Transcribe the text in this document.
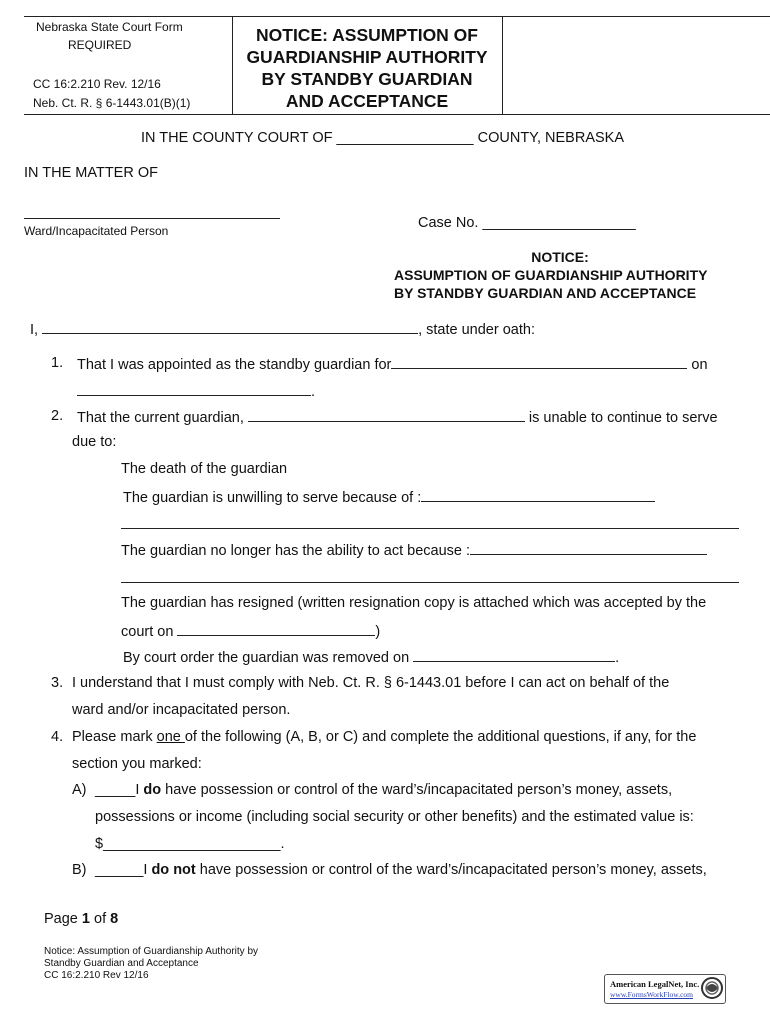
Nebraska State Court Form
REQUIRED
CC 16:2.210 Rev. 12/16
Neb. Ct. R. § 6-1443.01(B)(1)
NOTICE: ASSUMPTION OF
GUARDIANSHIP AUTHORITY
BY STANDBY GUARDIAN
AND ACCEPTANCE
IN THE COUNTY COURT OF _________________ COUNTY, NEBRASKA
IN THE MATTER OF
Ward/Incapacitated Person	Case No. ___________________
NOTICE:
ASSUMPTION OF GUARDIANSHIP AUTHORITY
BY STANDBY GUARDIAN AND ACCEPTANCE
I,	, state under oath:
1. That I was appointed as the standby guardian for	on
.
2. That the current guardian,	is unable to continue to serve
due to:
The death of the guardian
The guardian is unwilling to serve because of :
The guardian no longer has the ability to act because :
The guardian has resigned (written resignation copy is attached which was accepted by the
court on	)
By court order the guardian was removed on	.
3. I understand that I must comply with Neb. Ct. R. § 6-1443.01 before I can act on behalf of the
ward and/or incapacitated person.
4. Please mark one of the following (A, B, or C) and complete the additional questions, if any, for the
section you marked:
A) _____I do have possession or control of the ward’s/incapacitated person’s money, assets,
possessions or income (including social security or other benefits) and the estimated value is:
$______________________.
B) ______I do not have possession or control of the ward’s/incapacitated person’s money, assets,
Page 1 of 8
Notice: Assumption of Guardianship Authority by
Standby Guardian and Acceptance
CC 16:2.210 Rev 12/16
American LegalNet, Inc.
www.FormsWorkFlow.com
